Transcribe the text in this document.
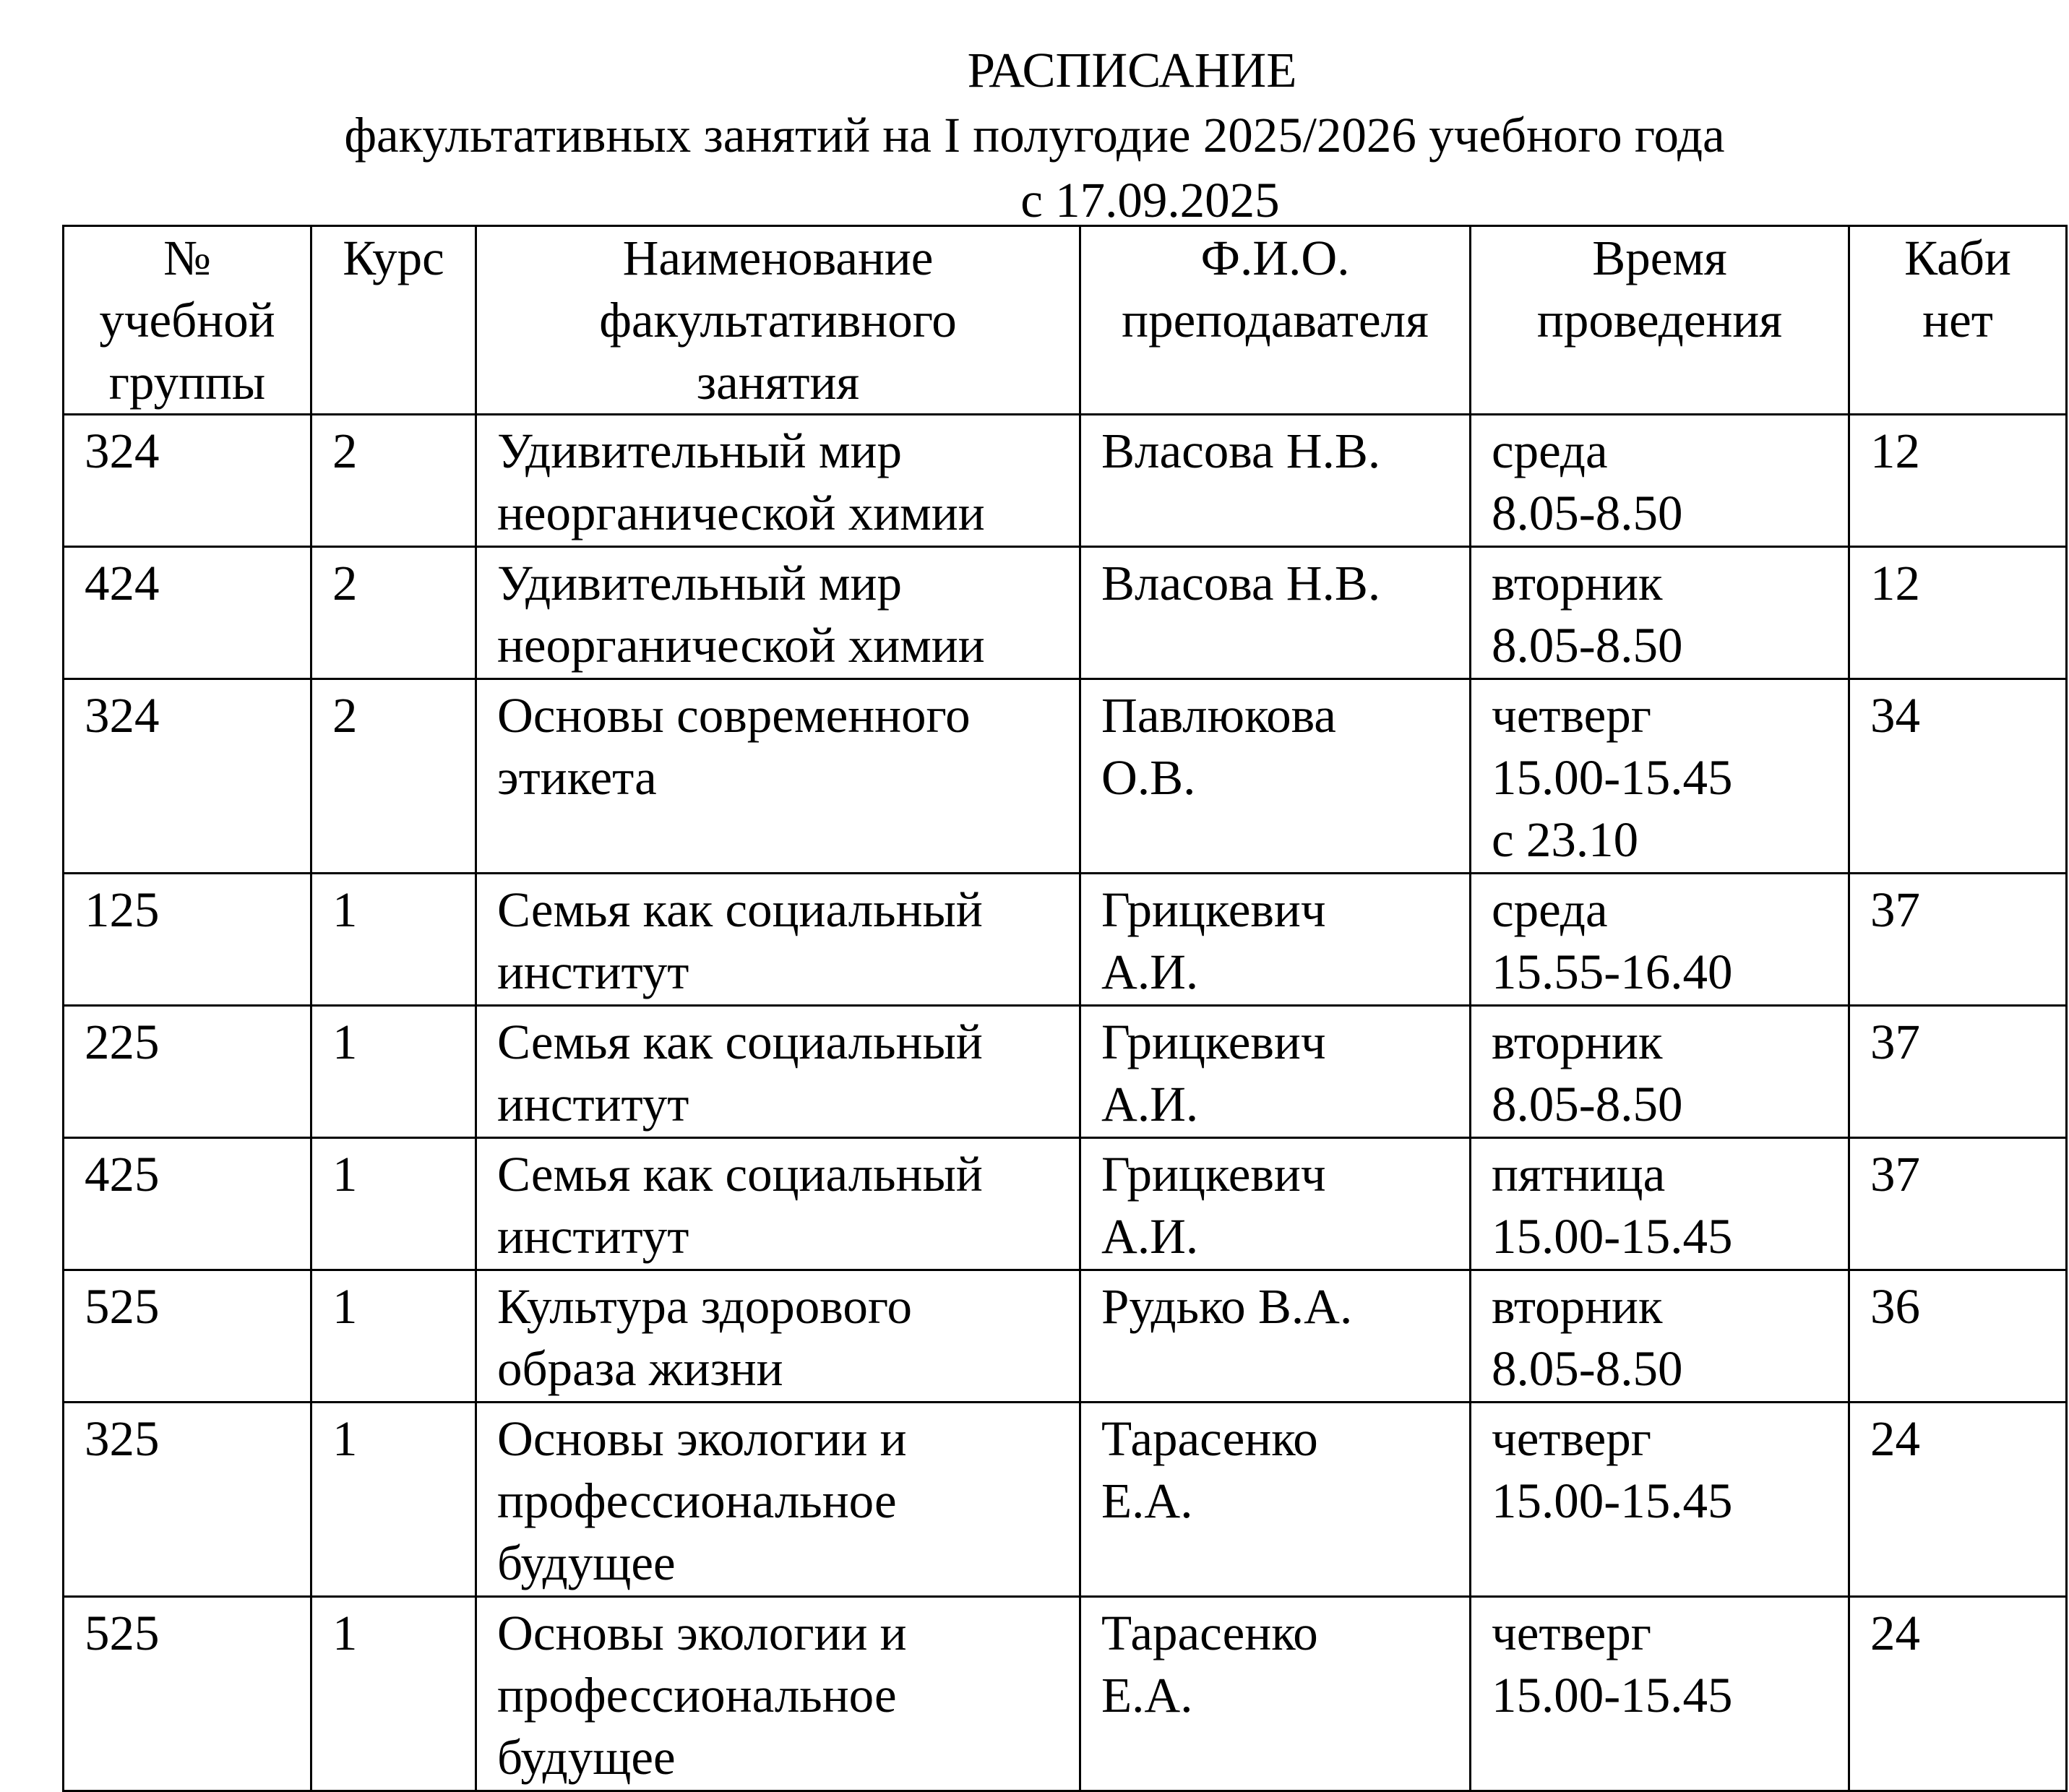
РАСПИСАНИЕ
факультативных занятий на I полугодие 2025/2026 учебного года
с 17.09.2025
№
учебной
группы	Курс	Наименование
факультативного
занятия	Ф.И.О.
преподавателя	Время
проведения	Каби
нет

324	2	Удивительный мир
неорганической химии	Власова Н.В.	среда
8.05-8.50	12
424	2	Удивительный мир
неорганической химии	Власова Н.В.	вторник
8.05-8.50	12
324	2	Основы современного
этикета	Павлюкова
О.В.	четверг
15.00-15.45
с 23.10	34
125	1	Семья как социальный
институт	Грицкевич
А.И.	среда
15.55-16.40	37
225	1	Семья как социальный
институт	Грицкевич
А.И.	вторник
8.05-8.50	37
425	1	Семья как социальный
институт	Грицкевич
А.И.	пятница
15.00-15.45	37
525	1	Культура здорового
образа жизни	Рудько В.А.	вторник
8.05-8.50	36
325	1	Основы экологии и
профессиональное
будущее	Тарасенко
Е.А.	четверг
15.00-15.45	24
525	1	Основы экологии и
профессиональное
будущее	Тарасенко
Е.А.	четверг
15.00-15.45	24
